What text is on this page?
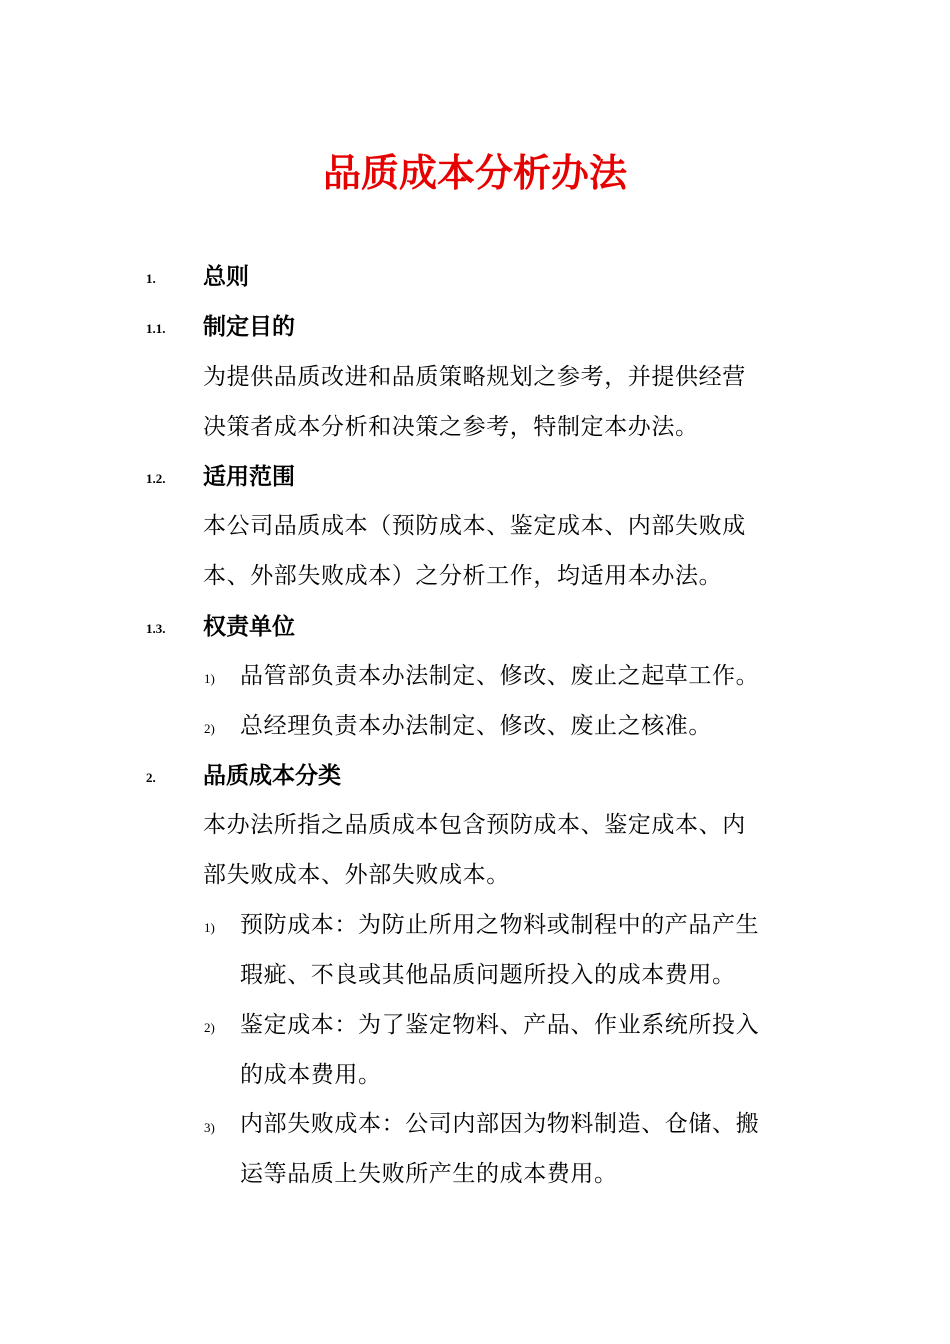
品质成本分析办法
1. 总则
1.1. 制定目的
为提供品质改进和品质策略规划之参考，并提供经营
决策者成本分析和决策之参考，特制定本办法。
1.2. 适用范围
本公司品质成本（预防成本、鉴定成本、内部失败成
本、外部失败成本）之分析工作，均适用本办法。
1.3. 权责单位
1) 品管部负责本办法制定、修改、废止之起草工作。
2) 总经理负责本办法制定、修改、废止之核准。
2. 品质成本分类
本办法所指之品质成本包含预防成本、鉴定成本、内
部失败成本、外部失败成本。
1) 预防成本：为防止所用之物料或制程中的产品产生
瑕疵、不良或其他品质问题所投入的成本费用。
2) 鉴定成本：为了鉴定物料、产品、作业系统所投入
的成本费用。
3) 内部失败成本：公司内部因为物料制造、仓储、搬
运等品质上失败所产生的成本费用。
